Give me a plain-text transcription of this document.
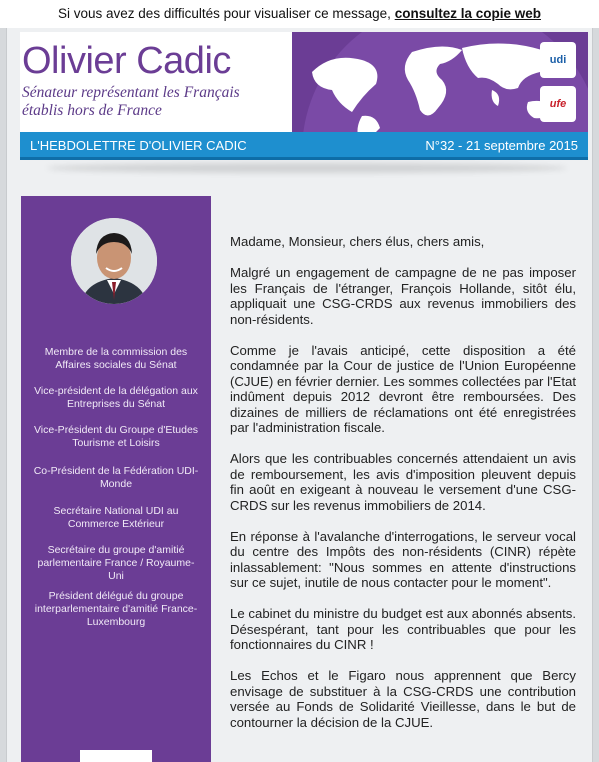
Si vous avez des difficultés pour visualiser ce message, consultez la copie web
Olivier Cadic
Sénateur représentant les Français
établis hors de France
udi
ufe
L'HEBDOLETTRE D'OLIVIER CADIC	N°32 - 21 septembre 2015
Membre de la commission des Affaires sociales du Sénat
Vice-président de la délégation aux Entreprises du Sénat
Vice-Président du Groupe d'Etudes Tourisme et Loisirs
Co-Président de la Fédération UDI-Monde
Secrétaire National UDI au Commerce Extérieur
Secrétaire du groupe d'amitié parlementaire France / Royaume-Uni
Président délégué du groupe interparlementaire d'amitié France-Luxembourg

Madame, Monsieur, chers élus, chers amis,

Malgré un engagement de campagne de ne pas imposer les Français de l'étranger, François Hollande, sitôt élu, appliquait une CSG-CRDS aux revenus immobiliers des non-résidents.

Comme je l'avais anticipé, cette disposition a été condamnée par la Cour de justice de l'Union Européenne (CJUE) en février dernier. Les sommes collectées par l'Etat indûment depuis 2012 devront être remboursées. Des dizaines de milliers de réclamations ont été enregistrées par l'administration fiscale.

Alors que les contribuables concernés attendaient un avis de remboursement, les avis d'imposition pleuvent depuis fin août en exigeant à nouveau le versement d'une CSG-CRDS sur les revenus immobiliers de 2014.

En réponse à l'avalanche d'interrogations, le serveur vocal du centre des Impôts des non-résidents (CINR) répète inlassablement: "Nous sommes en attente d'instructions sur ce sujet, inutile de nous contacter pour le moment".

Le cabinet du ministre du budget est aux abonnés absents. Désespérant, tant pour les contribuables que pour les fonctionnaires du CINR !

Les Echos et le Figaro nous apprennent que Bercy envisage de substituer à la CSG-CRDS une contribution versée au Fonds de Solidarité Vieillesse, dans le but de contourner la décision de la CJUE.
